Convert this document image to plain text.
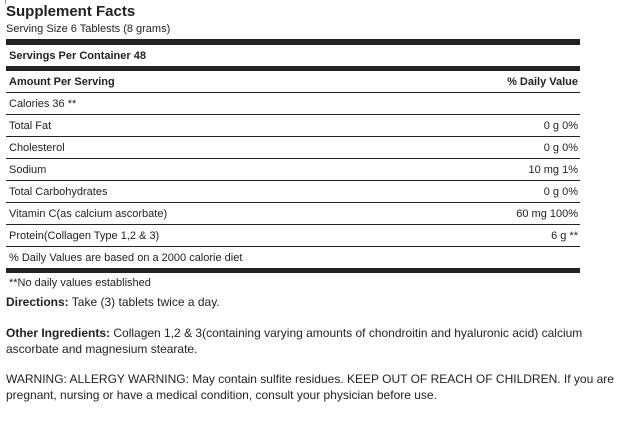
Supplement Facts
Serving Size 6 Tablests (8 grams)
Servings Per Container 48
Amount Per Serving	% Daily Value
Calories 36 **
Total Fat	0 g 0%
Cholesterol	0 g 0%
Sodium	10 mg 1%
Total Carbohydrates	0 g 0%
Vitamin C(as calcium ascorbate)	60 mg 100%
Protein(Collagen Type 1,2 & 3)	6 g **
% Daily Values are based on a 2000 calorie diet
**No daily values established
Directions: Take (3) tablets twice a day.
Other Ingredients: Collagen 1,2 & 3(containing varying amounts of chondroitin and hyaluronic acid) calcium ascorbate and magnesium stearate.
WARNING: ALLERGY WARNING: May contain sulfite residues. KEEP OUT OF REACH OF CHILDREN. If you are pregnant, nursing or have a medical condition, consult your physician before use.
